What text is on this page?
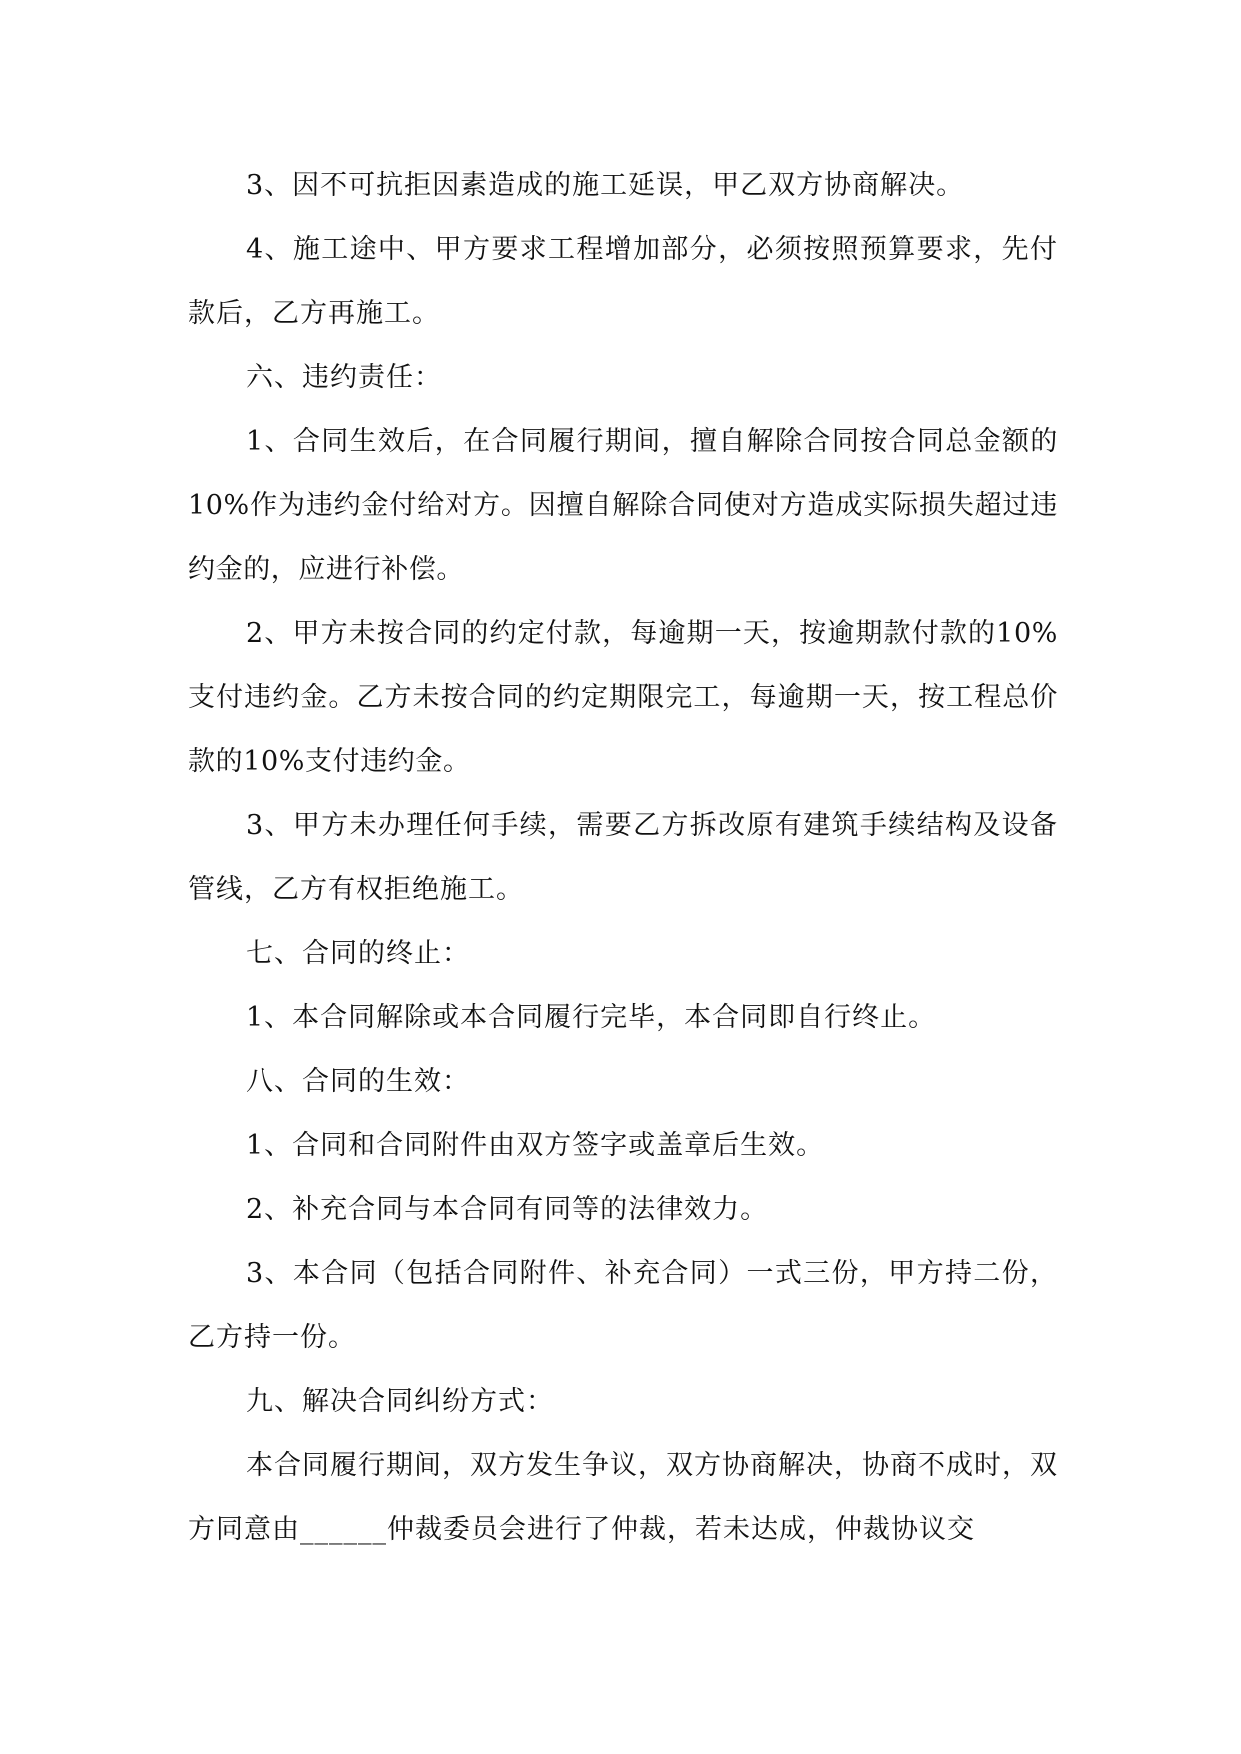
3、因不可抗拒因素造成的施工延误，甲乙双方协商解决。

4、施工途中、甲方要求工程增加部分，必须按照预算要求，先付款后，乙方再施工。

六、违约责任：

1、合同生效后，在合同履行期间，擅自解除合同按合同总金额的10%作为违约金付给对方。因擅自解除合同使对方造成实际损失超过违约金的，应进行补偿。

2、甲方未按合同的约定付款，每逾期一天，按逾期款付款的10%支付违约金。乙方未按合同的约定期限完工，每逾期一天，按工程总价款的10%支付违约金。

3、甲方未办理任何手续，需要乙方拆改原有建筑手续结构及设备管线，乙方有权拒绝施工。

七、合同的终止：

1、本合同解除或本合同履行完毕，本合同即自行终止。

八、合同的生效：

1、合同和合同附件由双方签字或盖章后生效。

2、补充合同与本合同有同等的法律效力。

3、本合同（包括合同附件、补充合同）一式三份，甲方持二份，乙方持一份。

九、解决合同纠纷方式：

本合同履行期间，双方发生争议，双方协商解决，协商不成时，双方同意由______仲裁委员会进行了仲裁，若未达成，仲裁协议交
